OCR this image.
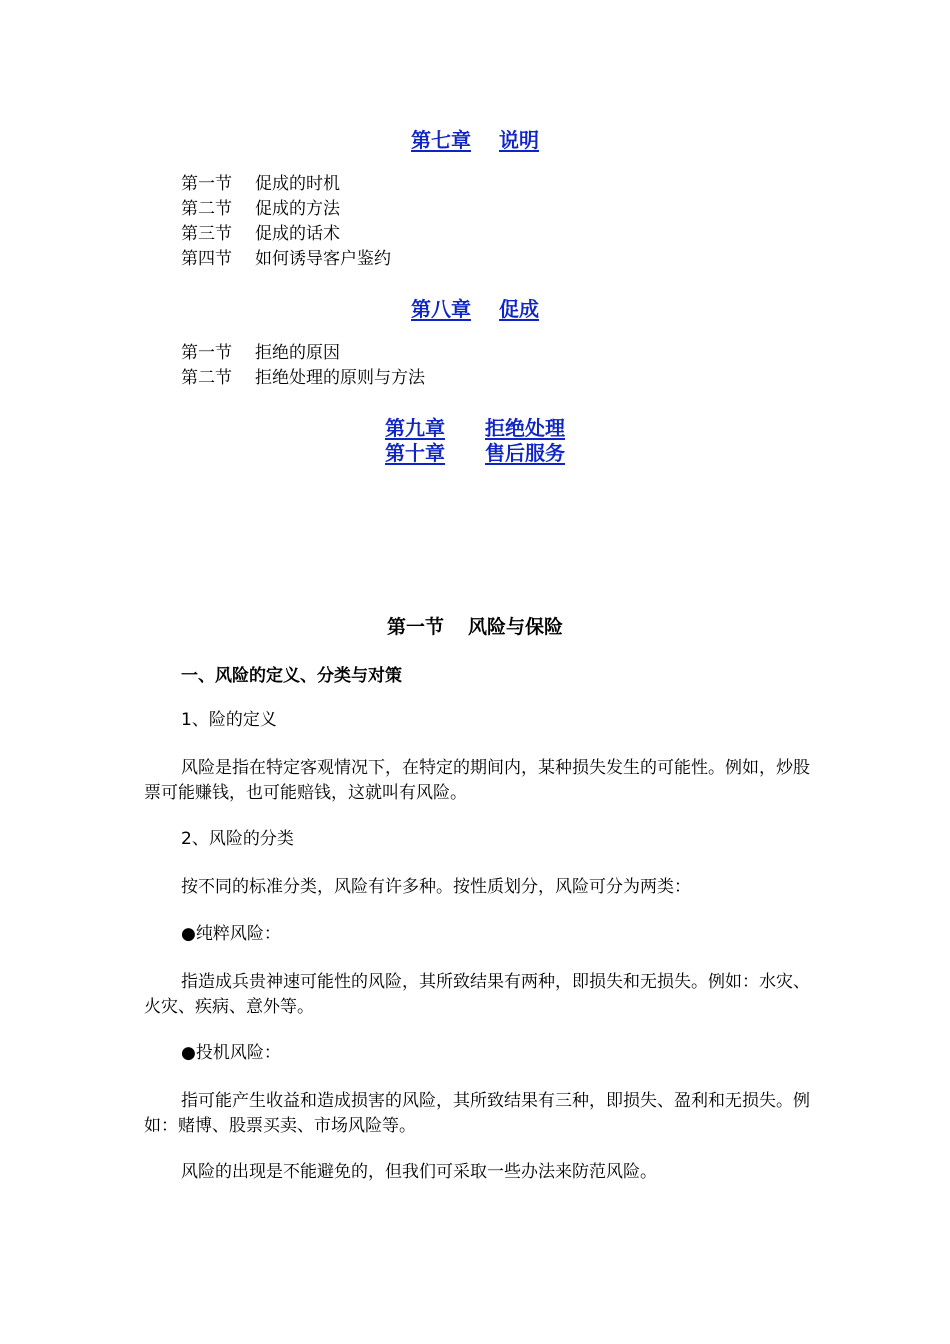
第七章 说明
第一节 促成的时机
第二节 促成的方法
第三节 促成的话术
第四节 如何诱导客户鉴约
第八章 促成
第一节 拒绝的原因
第二节 拒绝处理的原则与方法
第九章 拒绝处理
第十章 售后服务
第一节 风险与保险
一、风险的定义、分类与对策
1、险的定义
风险是指在特定客观情况下，在特定的期间内，某种损失发生的可能性。例如，炒股票可能赚钱，也可能赔钱，这就叫有风险。
2、风险的分类
按不同的标准分类，风险有许多种。按性质划分，风险可分为两类：
●纯粹风险：
指造成兵贵神速可能性的风险，其所致结果有两种，即损失和无损失。例如：水灾、火灾、疾病、意外等。
●投机风险：
指可能产生收益和造成损害的风险，其所致结果有三种，即损失、盈利和无损失。例如：赌博、股票买卖、市场风险等。
风险的出现是不能避免的，但我们可采取一些办法来防范风险。
